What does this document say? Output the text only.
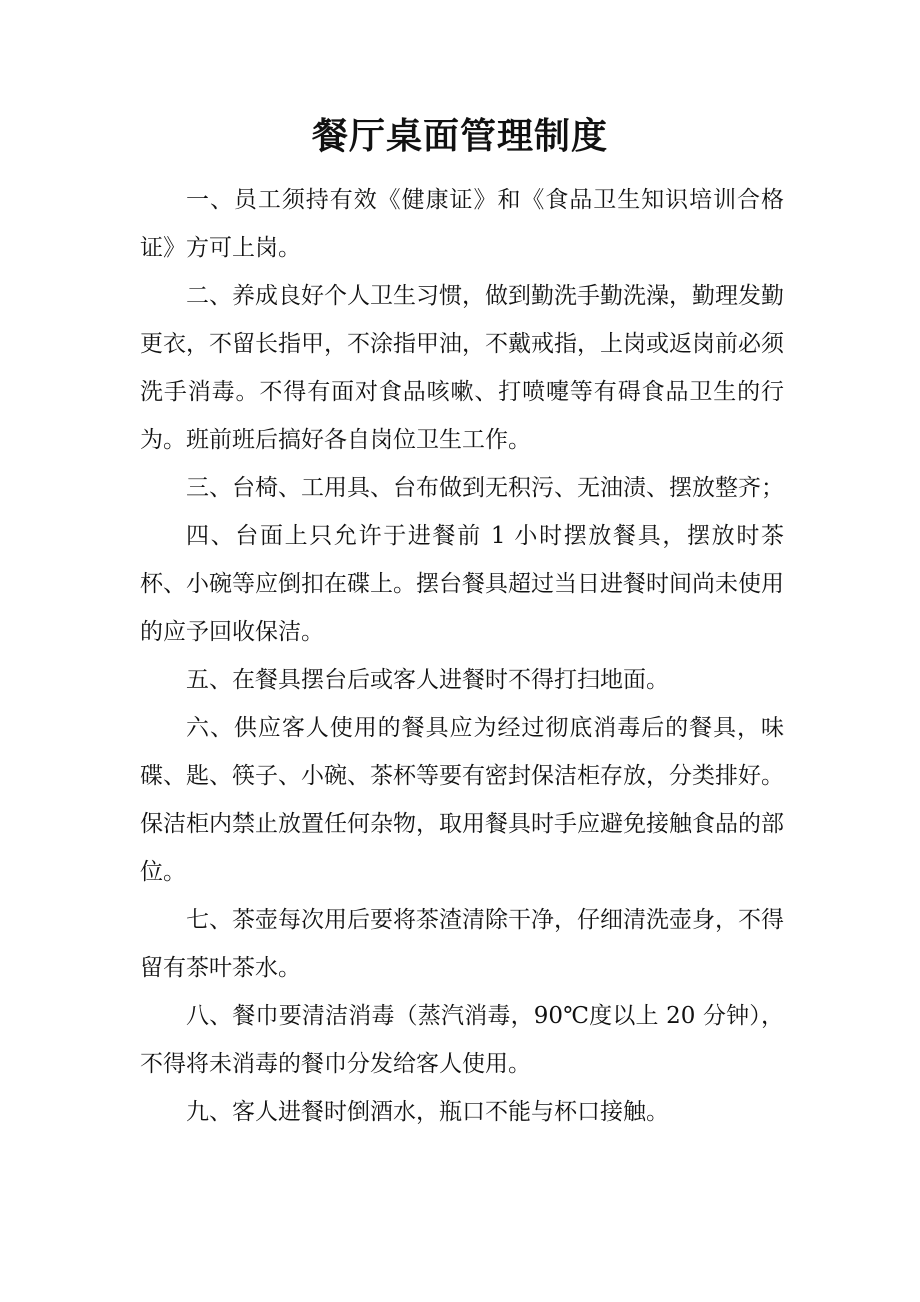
餐厅桌面管理制度

一、员工须持有效《健康证》和《食品卫生知识培训合格证》方可上岗。

二、养成良好个人卫生习惯，做到勤洗手勤洗澡，勤理发勤更衣，不留长指甲，不涂指甲油，不戴戒指，上岗或返岗前必须洗手消毒。不得有面对食品咳嗽、打喷嚏等有碍食品卫生的行为。班前班后搞好各自岗位卫生工作。

三、台椅、工用具、台布做到无积污、无油渍、摆放整齐；

四、台面上只允许于进餐前 1 小时摆放餐具，摆放时茶杯、小碗等应倒扣在碟上。摆台餐具超过当日进餐时间尚未使用的应予回收保洁。

五、在餐具摆台后或客人进餐时不得打扫地面。

六、供应客人使用的餐具应为经过彻底消毒后的餐具，味碟、匙、筷子、小碗、茶杯等要有密封保洁柜存放，分类排好。保洁柜内禁止放置任何杂物，取用餐具时手应避免接触食品的部位。

七、茶壶每次用后要将茶渣清除干净，仔细清洗壶身，不得留有茶叶茶水。

八、餐巾要清洁消毒（蒸汽消毒，90℃度以上 20 分钟），不得将未消毒的餐巾分发给客人使用。

九、客人进餐时倒酒水，瓶口不能与杯口接触。
